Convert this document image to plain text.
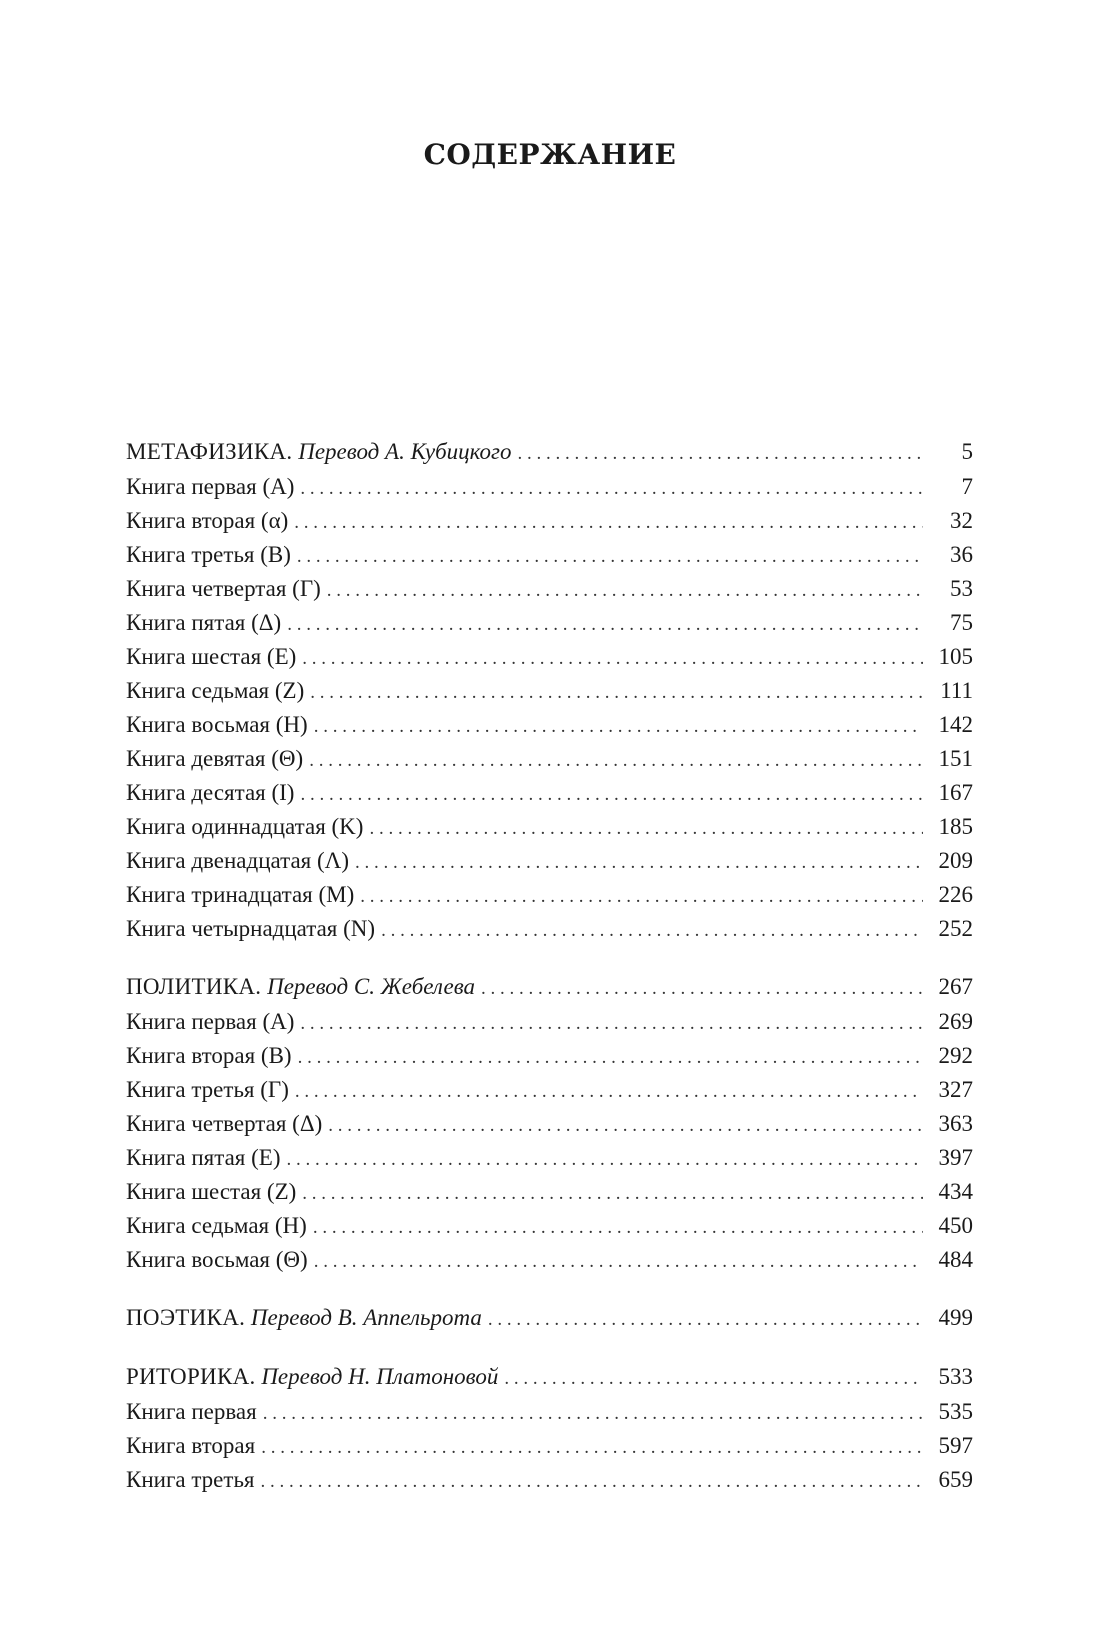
СОДЕРЖАНИЕ
МЕТАФИЗИКА. Перевод А. Кубицкого . . .	5
Книга первая (Α) . . .	7
Книга вторая (α) . . .	32
Книга третья (Β) . . .	36
Книга четвертая (Γ) . . .	53
Книга пятая (Δ) . . .	75
Книга шестая (Ε) . . .	105
Книга седьмая (Ζ) . . .	111
Книга восьмая (Η) . . .	142
Книга девятая (Θ) . . .	151
Книга десятая (Ι) . . .	167
Книга одиннадцатая (Κ) . . .	185
Книга двенадцатая (Λ) . . .	209
Книга тринадцатая (Μ) . . .	226
Книга четырнадцатая (Ν) . . .	252
ПОЛИТИКА. Перевод С. Жебелева . . .	267
Книга первая (Α) . . .	269
Книга вторая (Β) . . .	292
Книга третья (Γ) . . .	327
Книга четвертая (Δ) . . .	363
Книга пятая (Ε) . . .	397
Книга шестая (Ζ) . . .	434
Книга седьмая (Η) . . .	450
Книга восьмая (Θ) . . .	484
ПОЭТИКА. Перевод В. Аппельрота . . .	499
РИТОРИКА. Перевод Н. Платоновой . . .	533
Книга первая . . .	535
Книга вторая . . .	597
Книга третья . . .	659
